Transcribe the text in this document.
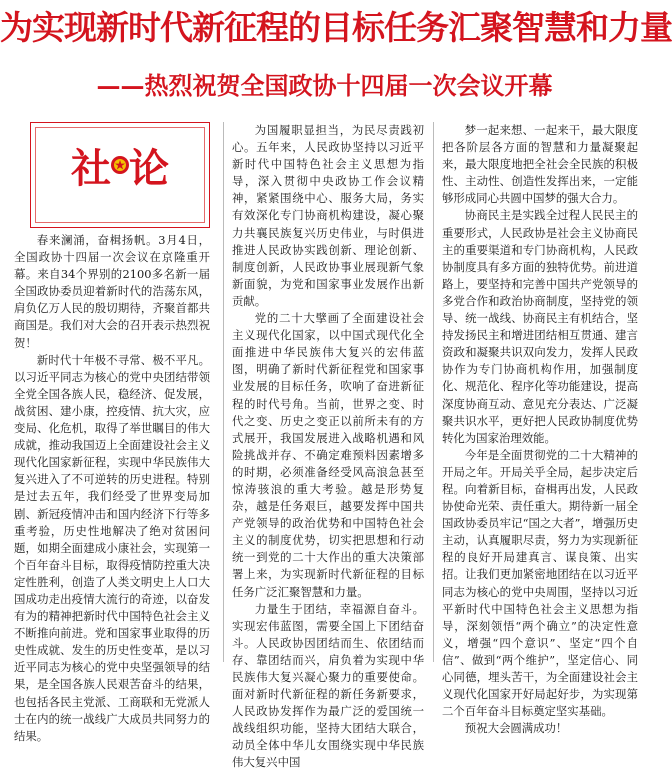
为实现新时代新征程的目标任务汇聚智慧和力量
——热烈祝贺全国政协十四届一次会议开幕
社论

春来澜涌，奋楫扬帆。3月4日，全国政协十四届一次会议在京隆重开幕。来自34个界别的2100多名新一届全国政协委员迎着新时代的浩荡东风，肩负亿万人民的殷切期待，齐聚首都共商国是。我们对大会的召开表示热烈祝贺！

新时代十年极不寻常、极不平凡。以习近平同志为核心的党中央团结带领全党全国各族人民，稳经济、促发展，战贫困、建小康，控疫情、抗大灾，应变局、化危机，取得了举世瞩目的伟大成就，推动我国迈上全面建设社会主义现代化国家新征程，实现中华民族伟大复兴进入了不可逆转的历史进程。特别是过去五年，我们经受了世界变局加剧、新冠疫情冲击和国内经济下行等多重考验，历史性地解决了绝对贫困问题，如期全面建成小康社会，实现第一个百年奋斗目标，取得疫情防控重大决定性胜利，创造了人类文明史上人口大国成功走出疫情大流行的奇迹，以奋发有为的精神把新时代中国特色社会主义不断推向前进。党和国家事业取得的历史性成就、发生的历史性变革，是以习近平同志为核心的党中央坚强领导的结果，是全国各族人民艰苦奋斗的结果，也包括各民主党派、工商联和无党派人士在内的统一战线广大成员共同努力的结果。

为国履职显担当，为民尽责践初心。五年来，人民政协坚持以习近平新时代中国特色社会主义思想为指导，深入贯彻中央政协工作会议精神，紧紧围绕中心、服务大局，务实有效深化专门协商机构建设，凝心聚力共襄民族复兴历史伟业，与时俱进推进人民政协实践创新、理论创新、制度创新，人民政协事业展现新气象新面貌，为党和国家事业发展作出新贡献。

党的二十大擘画了全面建设社会主义现代化国家，以中国式现代化全面推进中华民族伟大复兴的宏伟蓝图，明确了新时代新征程党和国家事业发展的目标任务，吹响了奋进新征程的时代号角。当前，世界之变、时代之变、历史之变正以前所未有的方式展开，我国发展进入战略机遇和风险挑战并存、不确定难预料因素增多的时期，必须准备经受风高浪急甚至惊涛骇浪的重大考验。越是形势复杂，越是任务艰巨，越要发挥中国共产党领导的政治优势和中国特色社会主义的制度优势，切实把思想和行动统一到党的二十大作出的重大决策部署上来，为实现新时代新征程的目标任务广泛汇聚智慧和力量。

力量生于团结，幸福源自奋斗。实现宏伟蓝图，需要全国上下团结奋斗。人民政协因团结而生、依团结而存、靠团结而兴，肩负着为实现中华民族伟大复兴凝心聚力的重要使命。面对新时代新征程的新任务新要求，人民政协发挥作为最广泛的爱国统一战线组织功能，坚持大团结大联合，动员全体中华儿女围绕实现中华民族伟大复兴中国

梦一起来想、一起来干，最大限度把各阶层各方面的智慧和力量凝聚起来，最大限度地把全社会全民族的积极性、主动性、创造性发挥出来，一定能够形成同心共圆中国梦的强大合力。

协商民主是实践全过程人民民主的重要形式，人民政协是社会主义协商民主的重要渠道和专门协商机构，人民政协制度具有多方面的独特优势。前进道路上，要坚持和完善中国共产党领导的多党合作和政治协商制度，坚持党的领导、统一战线、协商民主有机结合，坚持发扬民主和增进团结相互贯通、建言资政和凝聚共识双向发力，发挥人民政协作为专门协商机构作用，加强制度化、规范化、程序化等功能建设，提高深度协商互动、意见充分表达、广泛凝聚共识水平，更好把人民政协制度优势转化为国家治理效能。

今年是全面贯彻党的二十大精神的开局之年。开局关乎全局，起步决定后程。向着新目标，奋楫再出发，人民政协使命光荣、责任重大。期待新一届全国政协委员牢记“国之大者”，增强历史主动，认真履职尽责，努力为实现新征程的良好开局建真言、谋良策、出实招。让我们更加紧密地团结在以习近平同志为核心的党中央周围，坚持以习近平新时代中国特色社会主义思想为指导，深刻领悟“两个确立”的决定性意义，增强“四个意识”、坚定“四个自信”、做到“两个维护”，坚定信心、同心同德，埋头苦干，为全面建设社会主义现代化国家开好局起好步，为实现第二个百年奋斗目标奠定坚实基础。

预祝大会圆满成功！
